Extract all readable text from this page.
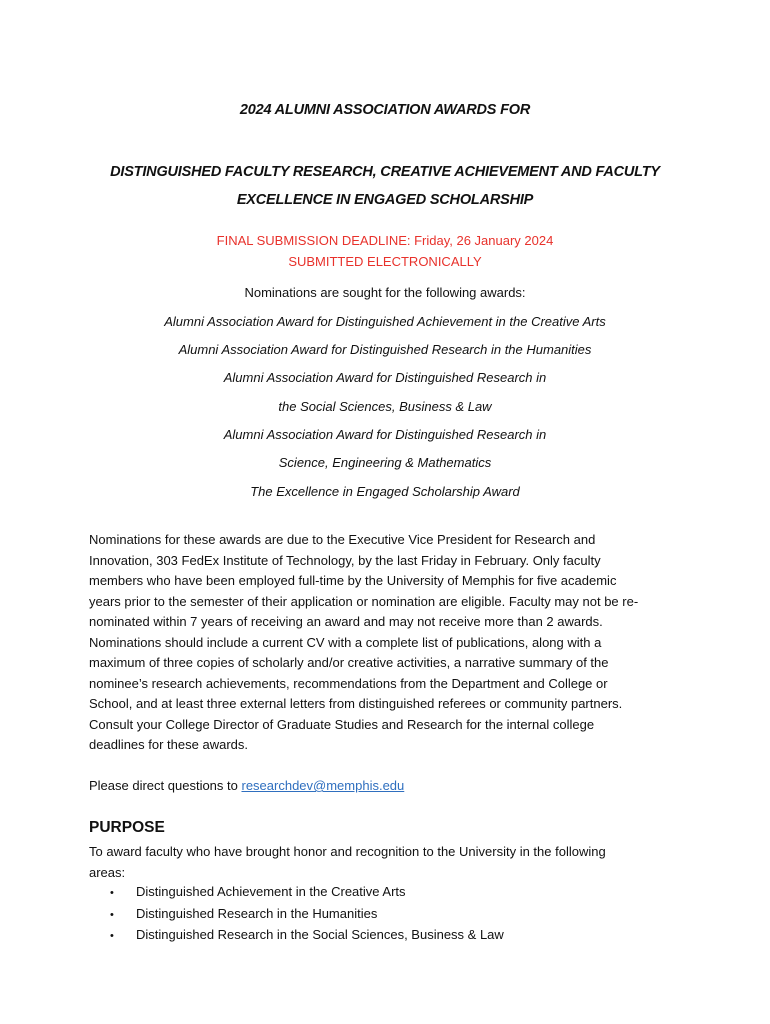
2024 ALUMNI ASSOCIATION AWARDS FOR
DISTINGUISHED FACULTY RESEARCH, CREATIVE ACHIEVEMENT AND FACULTY
EXCELLENCE IN ENGAGED SCHOLARSHIP
FINAL SUBMISSION DEADLINE: Friday, 26 January 2024
SUBMITTED ELECTRONICALLY
Nominations are sought for the following awards:
Alumni Association Award for Distinguished Achievement in the Creative Arts
Alumni Association Award for Distinguished Research in the Humanities
Alumni Association Award for Distinguished Research in
the Social Sciences, Business & Law
Alumni Association Award for Distinguished Research in
Science, Engineering & Mathematics
The Excellence in Engaged Scholarship Award
Nominations for these awards are due to the Executive Vice President for Research and
Innovation, 303 FedEx Institute of Technology, by the last Friday in February. Only faculty
members who have been employed full-time by the University of Memphis for five academic
years prior to the semester of their application or nomination are eligible. Faculty may not be re-
nominated within 7 years of receiving an award and may not receive more than 2 awards.
Nominations should include a current CV with a complete list of publications, along with a
maximum of three copies of scholarly and/or creative activities, a narrative summary of the
nominee’s research achievements, recommendations from the Department and College or
School, and at least three external letters from distinguished referees or community partners.
Consult your College Director of Graduate Studies and Research for the internal college
deadlines for these awards.
Please direct questions to researchdev@memphis.edu
PURPOSE
To award faculty who have brought honor and recognition to the University in the following
areas:
• Distinguished Achievement in the Creative Arts
• Distinguished Research in the Humanities
• Distinguished Research in the Social Sciences, Business & Law
